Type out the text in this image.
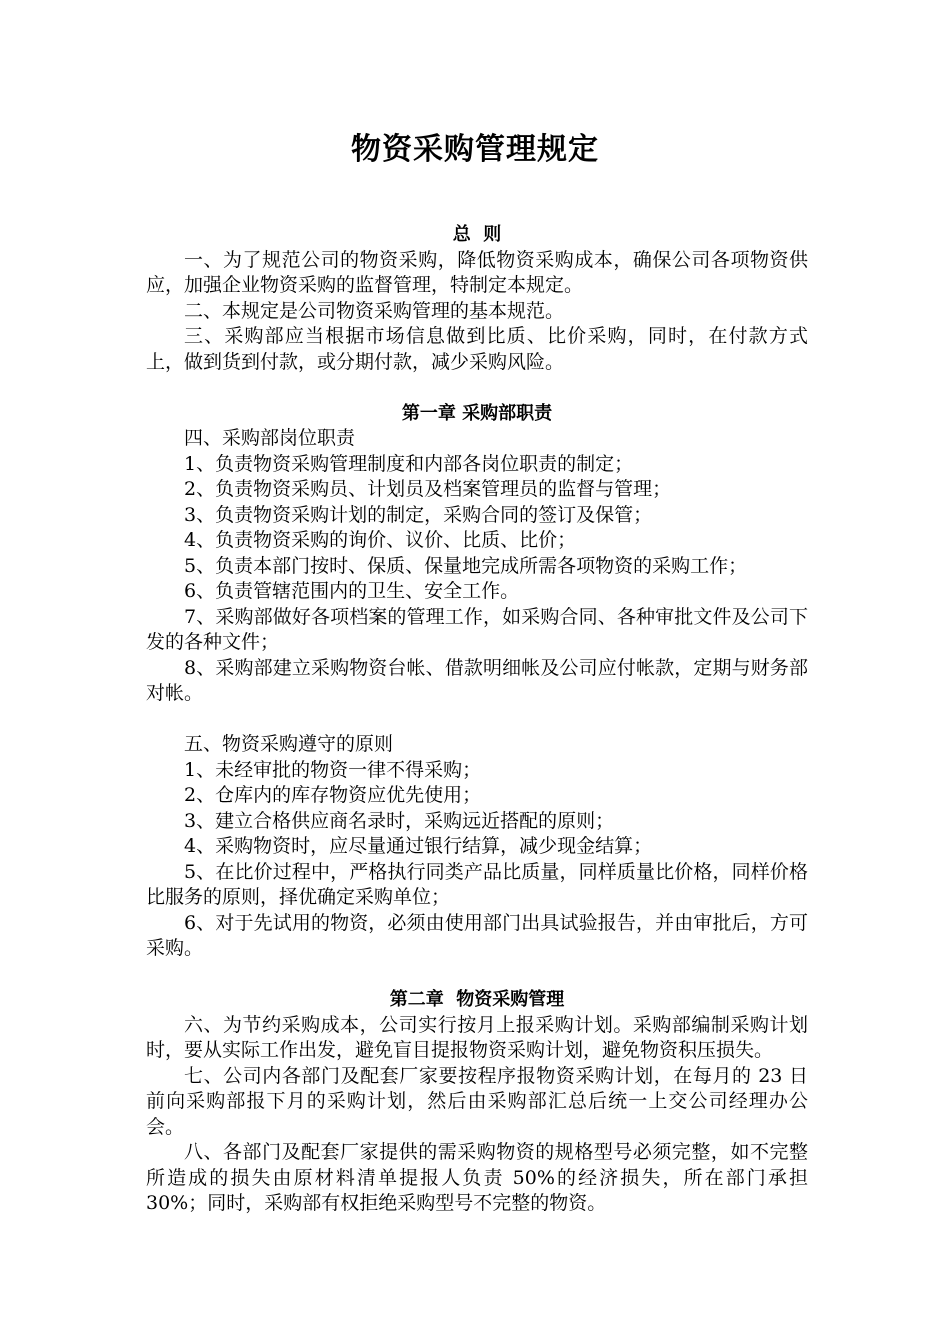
物资采购管理规定
总  则

一、为了规范公司的物资采购，降低物资采购成本，确保公司各项物资供应，加强企业物资采购的监督管理，特制定本规定。

二、本规定是公司物资采购管理的基本规范。

三、采购部应当根据市场信息做到比质、比价采购，同时，在付款方式上，做到货到付款，或分期付款，减少采购风险。

第一章 采购部职责

四、采购部岗位职责

1、负责物资采购管理制度和内部各岗位职责的制定；

2、负责物资采购员、计划员及档案管理员的监督与管理；

3、负责物资采购计划的制定，采购合同的签订及保管；

4、负责物资采购的询价、议价、比质、比价；

5、负责本部门按时、保质、保量地完成所需各项物资的采购工作；

6、负责管辖范围内的卫生、安全工作。

7、采购部做好各项档案的管理工作，如采购合同、各种审批文件及公司下发的各种文件；

8、采购部建立采购物资台帐、借款明细帐及公司应付帐款，定期与财务部对帐。

五、物资采购遵守的原则

1、未经审批的物资一律不得采购；

2、仓库内的库存物资应优先使用；

3、建立合格供应商名录时，采购远近搭配的原则；

4、采购物资时，应尽量通过银行结算，减少现金结算；

5、在比价过程中，严格执行同类产品比质量，同样质量比价格，同样价格比服务的原则，择优确定采购单位；

6、对于先试用的物资，必须由使用部门出具试验报告，并由审批后，方可采购。

第二章  物资采购管理

六、为节约采购成本，公司实行按月上报采购计划。采购部编制采购计划时，要从实际工作出发，避免盲目提报物资采购计划，避免物资积压损失。

七、公司内各部门及配套厂家要按程序报物资采购计划，在每月的 23 日前向采购部报下月的采购计划，然后由采购部汇总后统一上交公司经理办公会。

八、各部门及配套厂家提供的需采购物资的规格型号必须完整，如不完整所造成的损失由原材料清单提报人负责 50%的经济损失，所在部门承担 30%；同时，采购部有权拒绝采购型号不完整的物资。
